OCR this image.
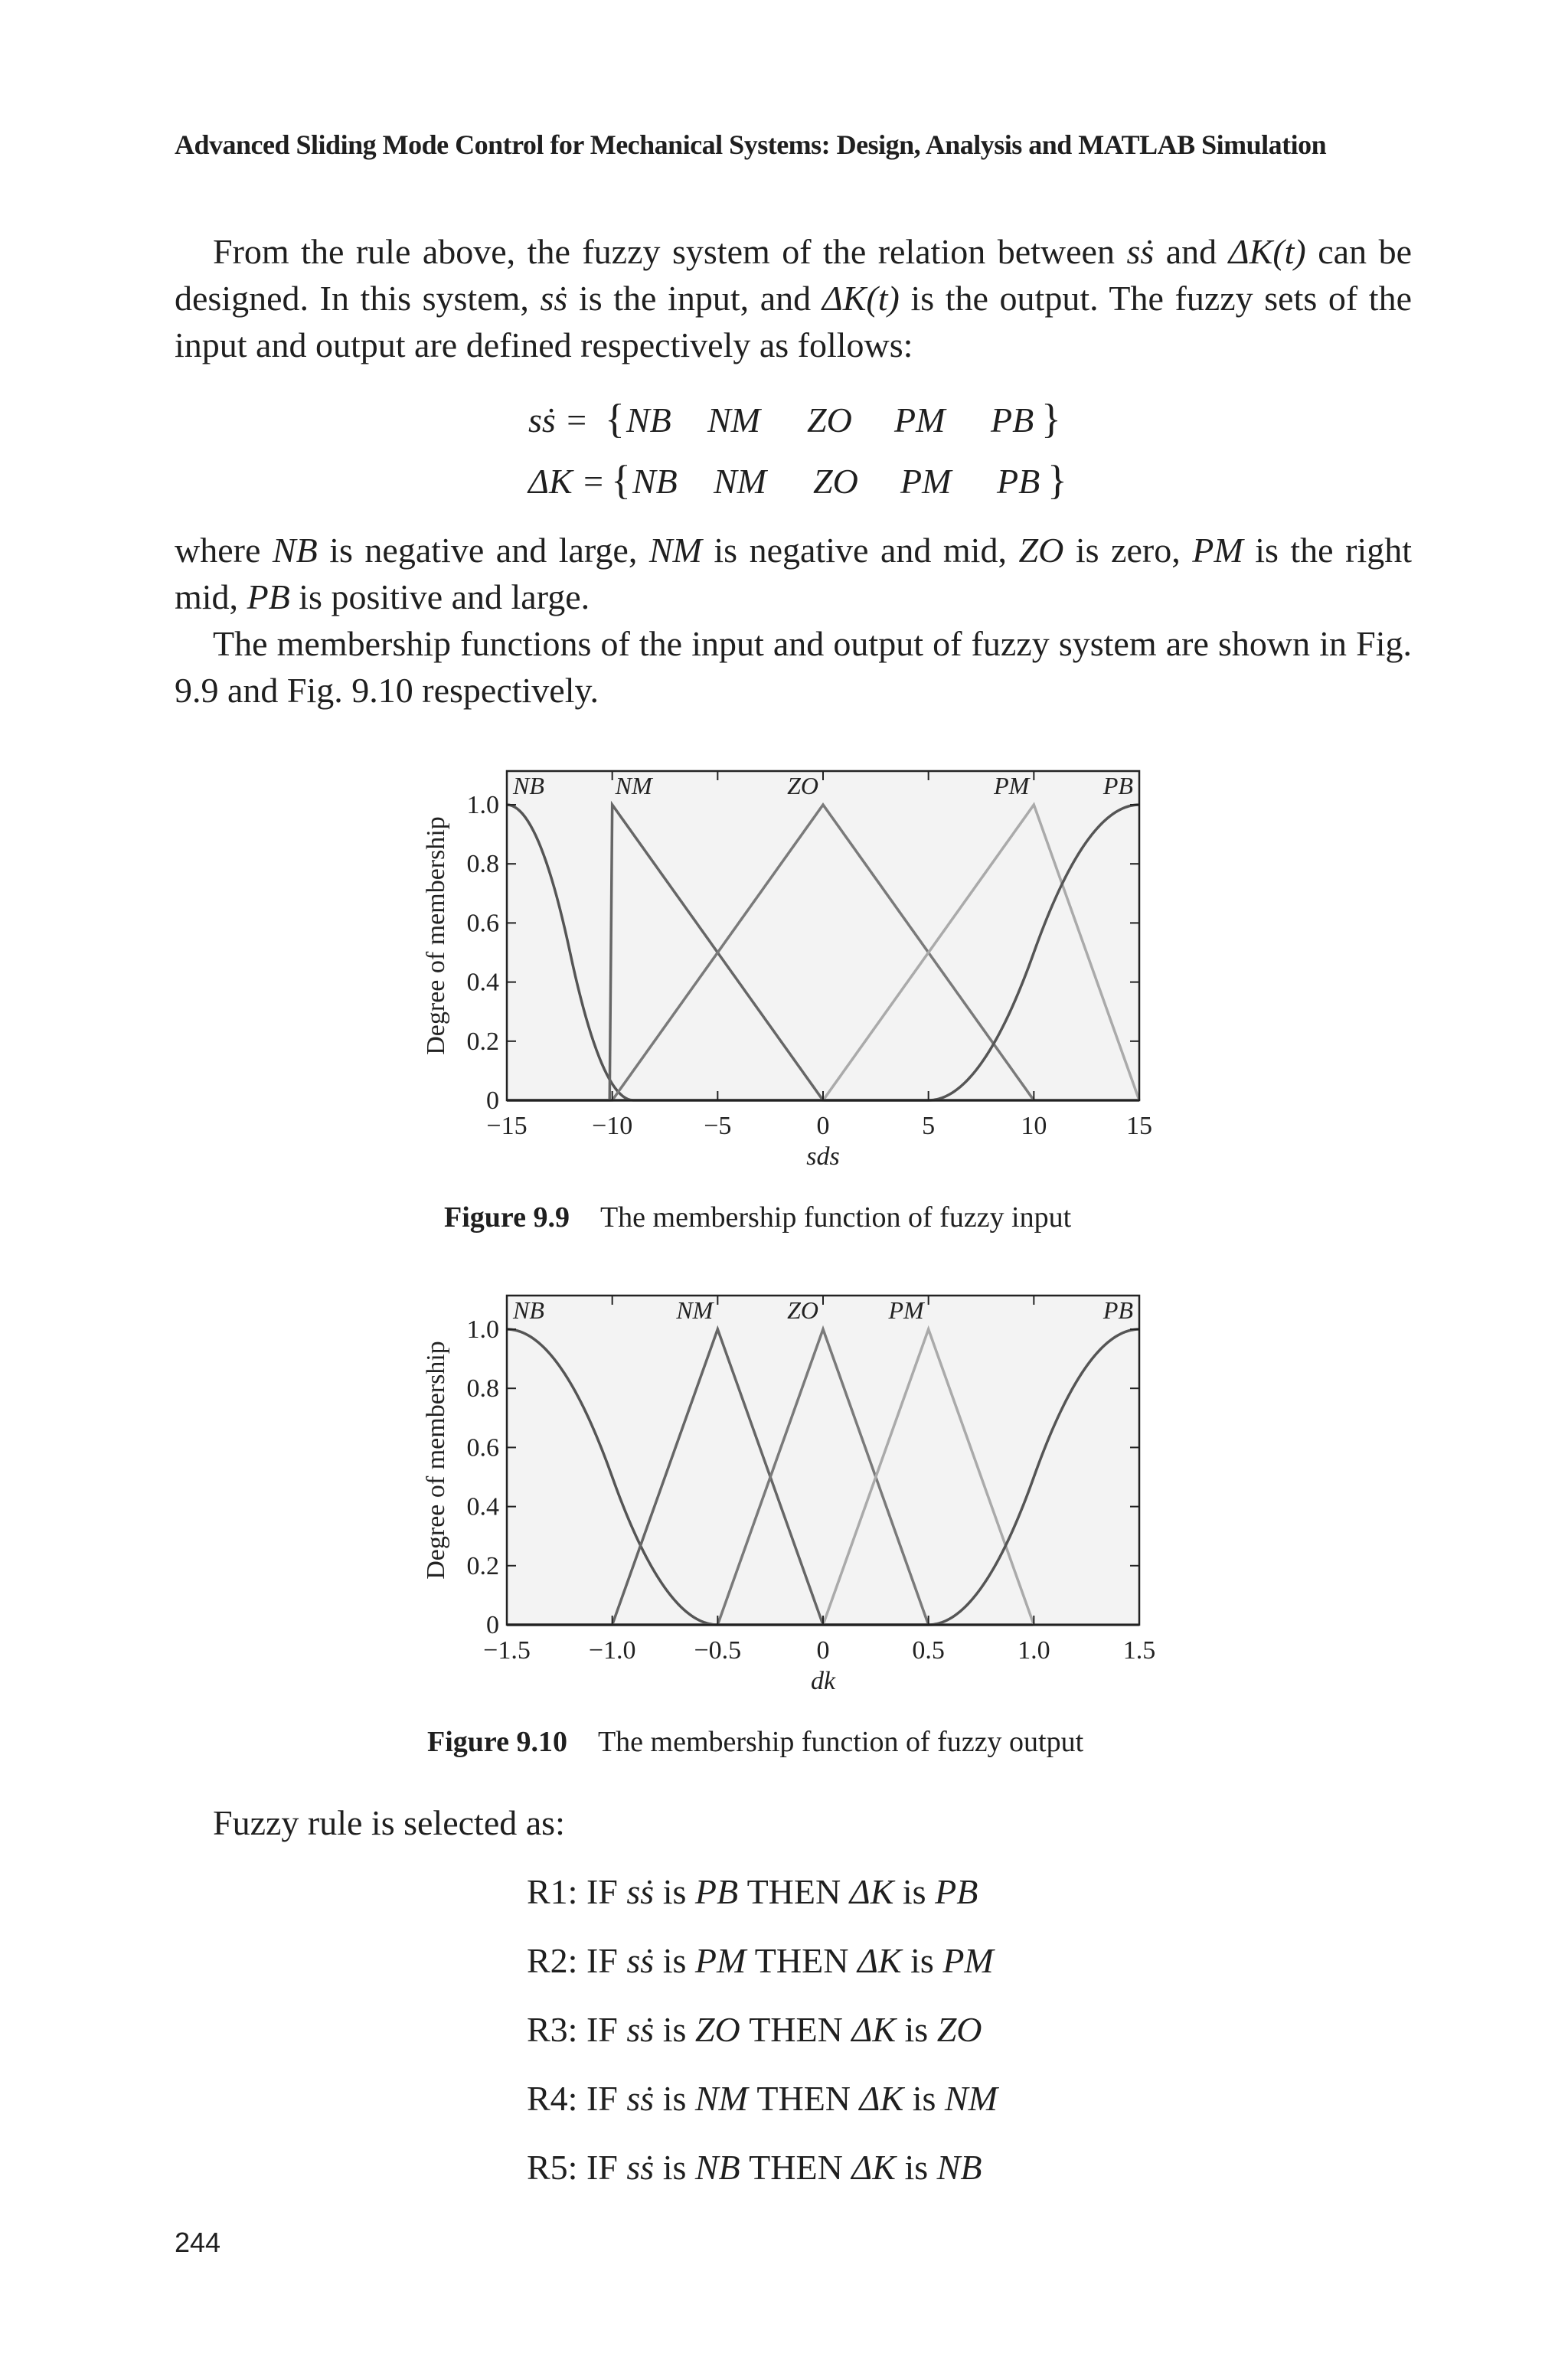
Advanced Sliding Mode Control for Mechanical Systems: Design, Analysis and MATLAB Simulation

From the rule above, the fuzzy system of the relation between sṡ and ΔK(t) can be designed. In this system, sṡ is the input, and ΔK(t) is the output. The fuzzy sets of the input and output are defined respectively as follows:

sṡ = { NB NM ZO PM PB }
ΔK = { NB NM ZO PM PB }

where NB is negative and large, NM is negative and mid, ZO is zero, PM is the right mid, PB is positive and large.

The membership functions of the input and output of fuzzy system are shown in Fig. 9.9 and Fig. 9.10 respectively.

−15 −10	−5	0	5	10	15
0
0.2
0.4
0.6
0.8
1.0
NB	NM	ZO	PM	PB
sds
Degree of membership
Figure 9.9 The membership function of fuzzy input
−1.5 −1.0 −0.5	0	0.5	1.0	1.5
0
0.2
0.4
0.6
0.8
1.0
NB	NM	ZO	PM	PB
dk
Degree of membership
Figure 9.10 The membership function of fuzzy output

Fuzzy rule is selected as:

R1: IF sṡ is PB THEN ΔK is PB
R2: IF sṡ is PM THEN ΔK is PM
R3: IF sṡ is ZO THEN ΔK is ZO
R4: IF sṡ is NM THEN ΔK is NM
R5: IF sṡ is NB THEN ΔK is NB
244
